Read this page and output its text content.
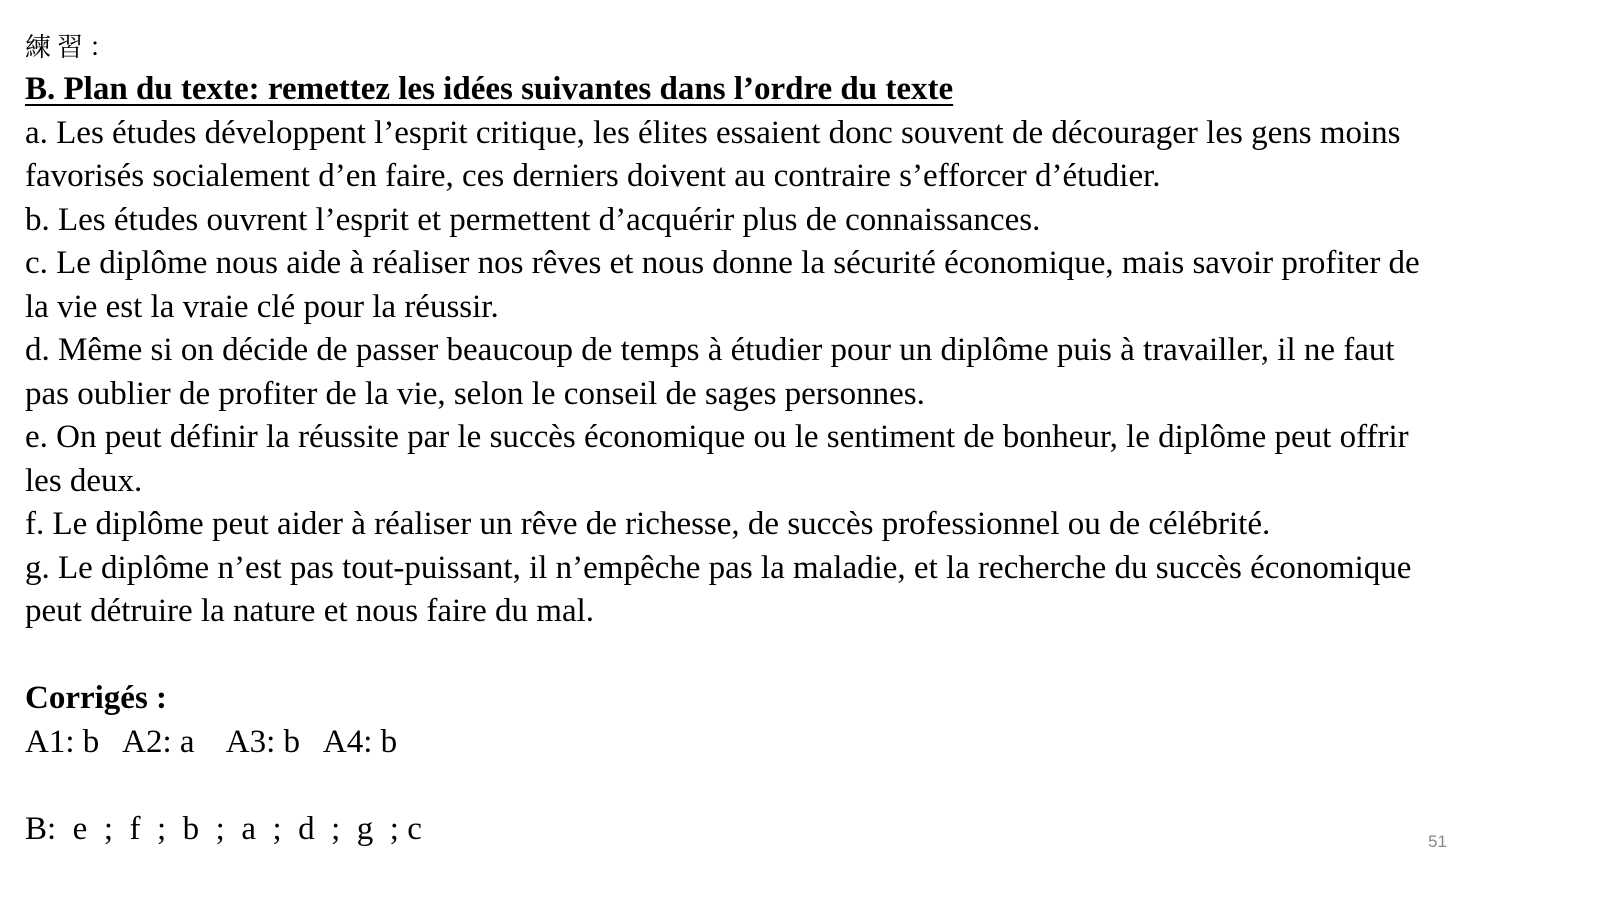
練習：
B. Plan du texte: remettez les idées suivantes dans l’ordre du texte
a. Les études développent l’esprit critique, les élites essaient donc souvent de décourager les gens moins
favorisés socialement d’en faire, ces derniers doivent au contraire s’efforcer d’étudier.
b. Les études ouvrent l’esprit et permettent d’acquérir plus de connaissances.
c. Le diplôme nous aide à réaliser nos rêves et nous donne la sécurité économique, mais savoir profiter de
la vie est la vraie clé pour la réussir.
d. Même si on décide de passer beaucoup de temps à étudier pour un diplôme puis à travailler, il ne faut
pas oublier de profiter de la vie, selon le conseil de sages personnes.
e. On peut définir la réussite par le succès économique ou le sentiment de bonheur, le diplôme peut offrir
les deux.
f. Le diplôme peut aider à réaliser un rêve de richesse, de succès professionnel ou de célébrité.
g. Le diplôme n’est pas tout-puissant, il n’empêche pas la maladie, et la recherche du succès économique
peut détruire la nature et nous faire du mal.
Corrigés :
A1: b   A2: a    A3: b   A4: b
B:  e  ;  f  ;  b  ;  a  ;  d  ;  g  ; c	51
